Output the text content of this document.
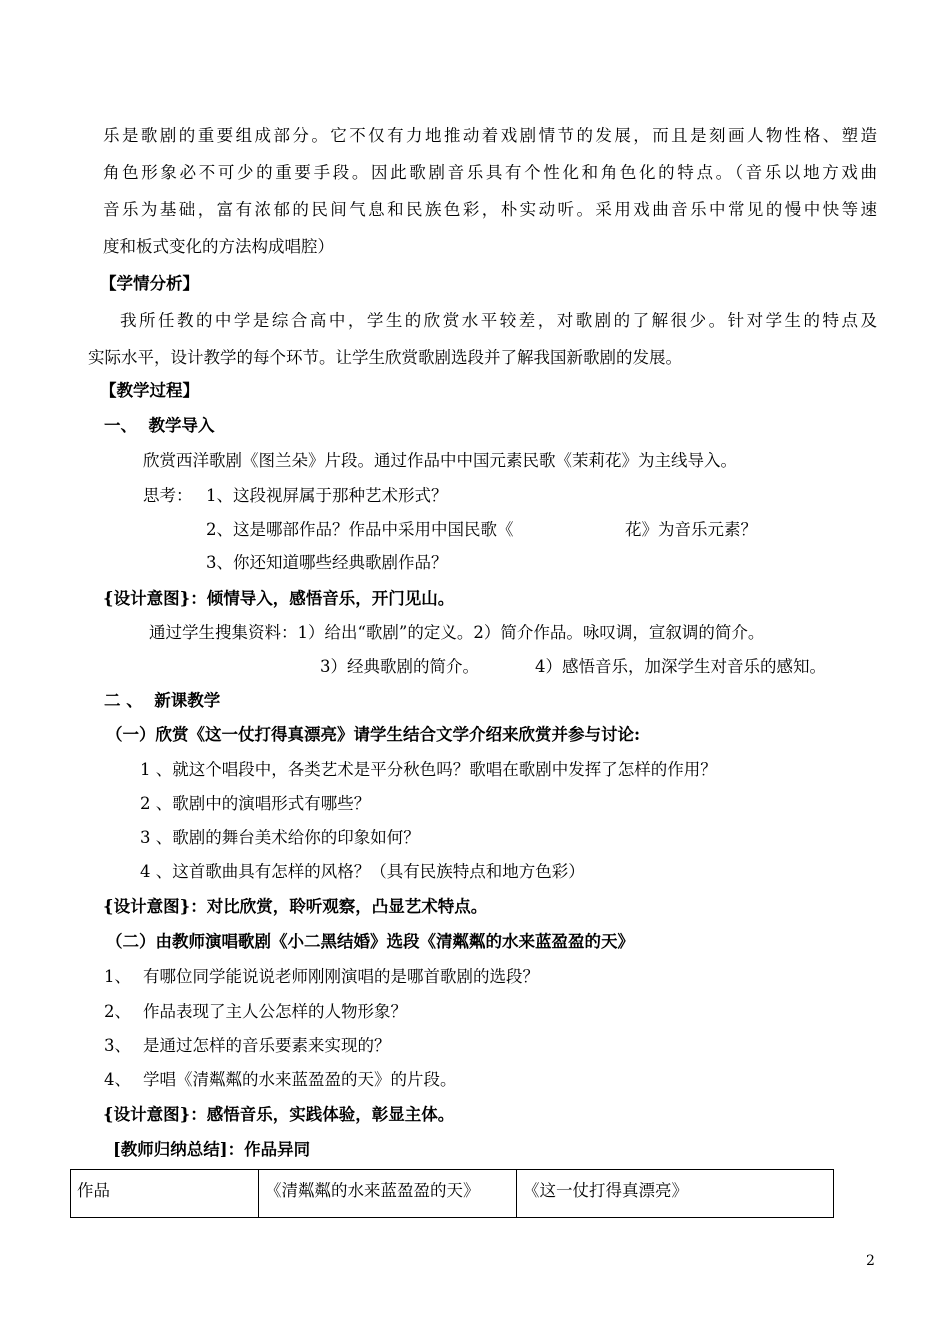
乐是歌剧的重要组成部分。它不仅有力地推动着戏剧情节的发展，而且是刻画人物性格、塑造
角色形象必不可少的重要手段。因此歌剧音乐具有个性化和角色化的特点。（音乐以地方戏曲
音乐为基础，富有浓郁的民间气息和民族色彩，朴实动听。采用戏曲音乐中常见的慢中快等速
度和板式变化的方法构成唱腔）
【学情分析】
我所任教的中学是综合高中，学生的欣赏水平较差，对歌剧的了解很少。针对学生的特点及
实际水平，设计教学的每个环节。让学生欣赏歌剧选段并了解我国新歌剧的发展。
【教学过程】
一、  教学导入
欣赏西洋歌剧《图兰朵》片段。通过作品中中国元素民歌《茉莉花》为主线导入。
思考： 1、这段视屏属于那种艺术形式？
2、这是哪部作品？作品中采用中国民歌《	花》为音乐元素？
3、你还知道哪些经典歌剧作品？
{设计意图}：倾情导入，感悟音乐，开门见山。
通过学生搜集资料：1）给出“歌剧”的定义。2）简介作品。咏叹调，宣叙调的简介。
3）经典歌剧的简介。	4）感悟音乐，加深学生对音乐的感知。
二 、  新课教学
（一）欣赏《这一仗打得真漂亮》请学生结合文学介绍来欣赏并参与讨论:
1 、就这个唱段中，各类艺术是平分秋色吗？歌唱在歌剧中发挥了怎样的作用？
2 、歌剧中的演唱形式有哪些？
3 、歌剧的舞台美术给你的印象如何？
4 、这首歌曲具有怎样的风格？（具有民族特点和地方色彩）
{设计意图}：对比欣赏，聆听观察，凸显艺术特点。
（二）由教师演唱歌剧《小二黑结婚》选段《清粼粼的水来蓝盈盈的天》
1、 有哪位同学能说说老师刚刚演唱的是哪首歌剧的选段？
2、 作品表现了主人公怎样的人物形象？
3、 是通过怎样的音乐要素来实现的？
4、 学唱《清粼粼的水来蓝盈盈的天》的片段。
{设计意图}：感悟音乐，实践体验，彰显主体。
[教师归纳总结]：作品异同
作品	《清粼粼的水来蓝盈盈的天》	《这一仗打得真漂亮》
2
